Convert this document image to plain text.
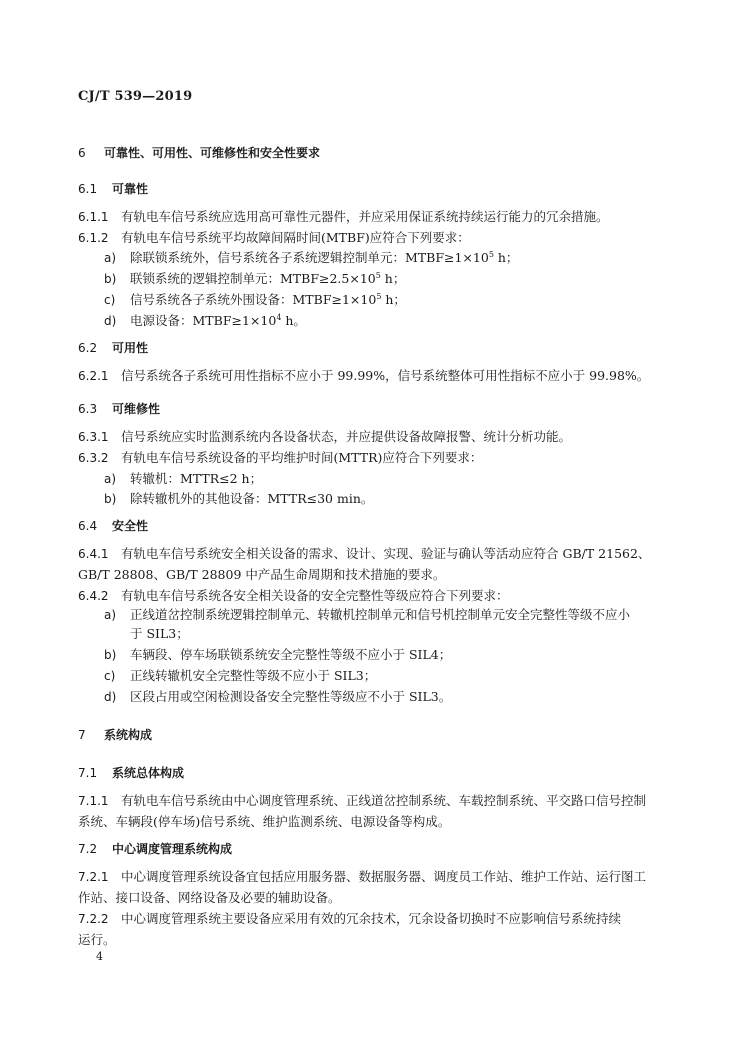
CJ/T 539—2019
6 可靠性、可用性、可维修性和安全性要求
6.1 可靠性
6.1.1 有轨电车信号系统应选用高可靠性元器件，并应采用保证系统持续运行能力的冗余措施。
6.1.2 有轨电车信号系统平均故障间隔时间(MTBF)应符合下列要求：
a) 除联锁系统外，信号系统各子系统逻辑控制单元：$MTBF\ge 1\times 10^5$ h；
b) 联锁系统的逻辑控制单元：$MTBF\ge 2.5\times 10^5$ h；
c) 信号系统各子系统外围设备：$MTBF\ge 1\times 10^5$ h；
d) 电源设备：$MTBF\ge 1\times 10^4$ h。
6.2 可用性
6.2.1 信号系统各子系统可用性指标不应小于 99.99%，信号系统整体可用性指标不应小于 99.98%。
6.3 可维修性
6.3.1 信号系统应实时监测系统内各设备状态，并应提供设备故障报警、统计分析功能。
6.3.2 有轨电车信号系统设备的平均维护时间(MTTR)应符合下列要求：
a) 转辙机：MTTR≤2 h；
b) 除转辙机外的其他设备：MTTR≤30 min。
6.4 安全性
6.4.1 有轨电车信号系统安全相关设备的需求、设计、实现、验证与确认等活动应符合 GB/T 21562、
GB/T 28808、GB/T 28809 中产品生命周期和技术措施的要求。
6.4.2 有轨电车信号系统各安全相关设备的安全完整性等级应符合下列要求：
a) 正线道岔控制系统逻辑控制单元、转辙机控制单元和信号机控制单元安全完整性等级不应小
于 SIL3；
b) 车辆段、停车场联锁系统安全完整性等级不应小于 SIL4；
c) 正线转辙机安全完整性等级不应小于 SIL3；
d) 区段占用或空闲检测设备安全完整性等级应不小于 SIL3。
7 系统构成
7.1 系统总体构成
7.1.1 有轨电车信号系统由中心调度管理系统、正线道岔控制系统、车载控制系统、平交路口信号控制
系统、车辆段(停车场)信号系统、维护监测系统、电源设备等构成。
7.2 中心调度管理系统构成
7.2.1 中心调度管理系统设备宜包括应用服务器、数据服务器、调度员工作站、维护工作站、运行图工
作站、接口设备、网络设备及必要的辅助设备。
7.2.2 中心调度管理系统主要设备应采用有效的冗余技术，冗余设备切换时不应影响信号系统持续
运行。
4
